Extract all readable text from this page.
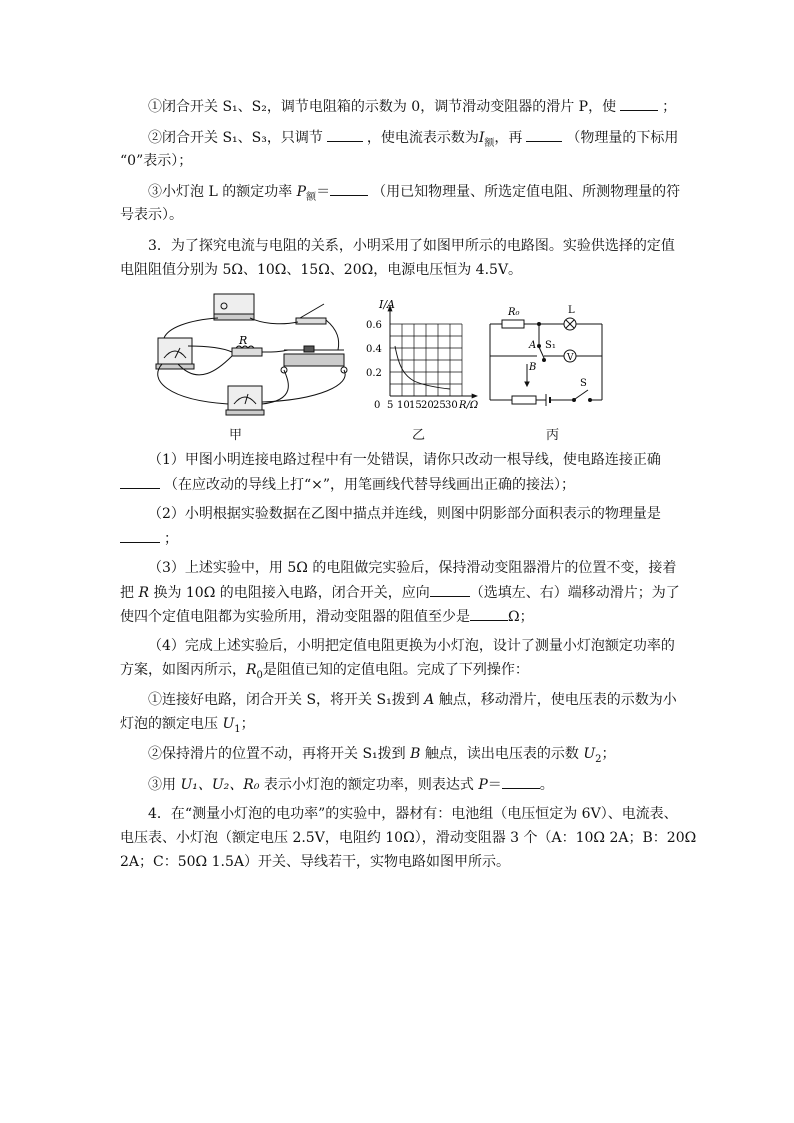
①闭合开关 S₁、S₂，调节电阻箱的示数为 0，调节滑动变阻器的滑片 P，使	；
②闭合开关 S₁、S₃，只调节	，使电流表示数为$I_额$，再	（物理量的下标用
“0”表示）；
③小灯泡 L 的额定功率 $P_额=$	（用已知物理量、所选定值电阻、所测物理量的符
号表示）。
3．为了探究电流与电阻的关系，小明采用了如图甲所示的电路图。实验供选择的定值
电阻阻值分别为 5Ω、10Ω、15Ω、20Ω，电源电压恒为 4.5V。
R
I/A
0.6
0.4
0.2
0 5 10 15 20 25 30 R/Ω
R₀	L
A S₁
V
B
S
甲	乙	丙
（1）甲图小明连接电路过程中有一处错误，请你只改动一根导线，使电路连接正确
（在应改动的导线上打“×”，用笔画线代替导线画出正确的接法）；
（2）小明根据实验数据在乙图中描点并连线，则图中阴影部分面积表示的物理量是
；
（3）上述实验中，用 5Ω 的电阻做完实验后，保持滑动变阻器滑片的位置不变，接着
把 R 换为 10Ω 的电阻接入电路，闭合开关，应向	（选填左、右）端移动滑片；为了
使四个定值电阻都为实验所用，滑动变阻器的阻值至少是	Ω；
（4）完成上述实验后，小明把定值电阻更换为小灯泡，设计了测量小灯泡额定功率的
方案，如图丙所示，$R_0$是阻值已知的定值电阻。完成了下列操作：
①连接好电路，闭合开关 S，将开关 S₁拨到 A 触点，移动滑片，使电压表的示数为小
灯泡的额定电压 $U_1$；
②保持滑片的位置不动，再将开关 S₁拨到 B 触点，读出电压表的示数 $U_2$；
③用 U₁、U₂、R₀ 表示小灯泡的额定功率，则表达式 P＝	。
4．在“测量小灯泡的电功率”的实验中，器材有：电池组（电压恒定为 6V）、电流表、
电压表、小灯泡（额定电压 2.5V，电阻约 10Ω），滑动变阻器 3 个（A：10Ω 2A；B：20Ω
2A；C：50Ω 1.5A）开关、导线若干，实物电路如图甲所示。
